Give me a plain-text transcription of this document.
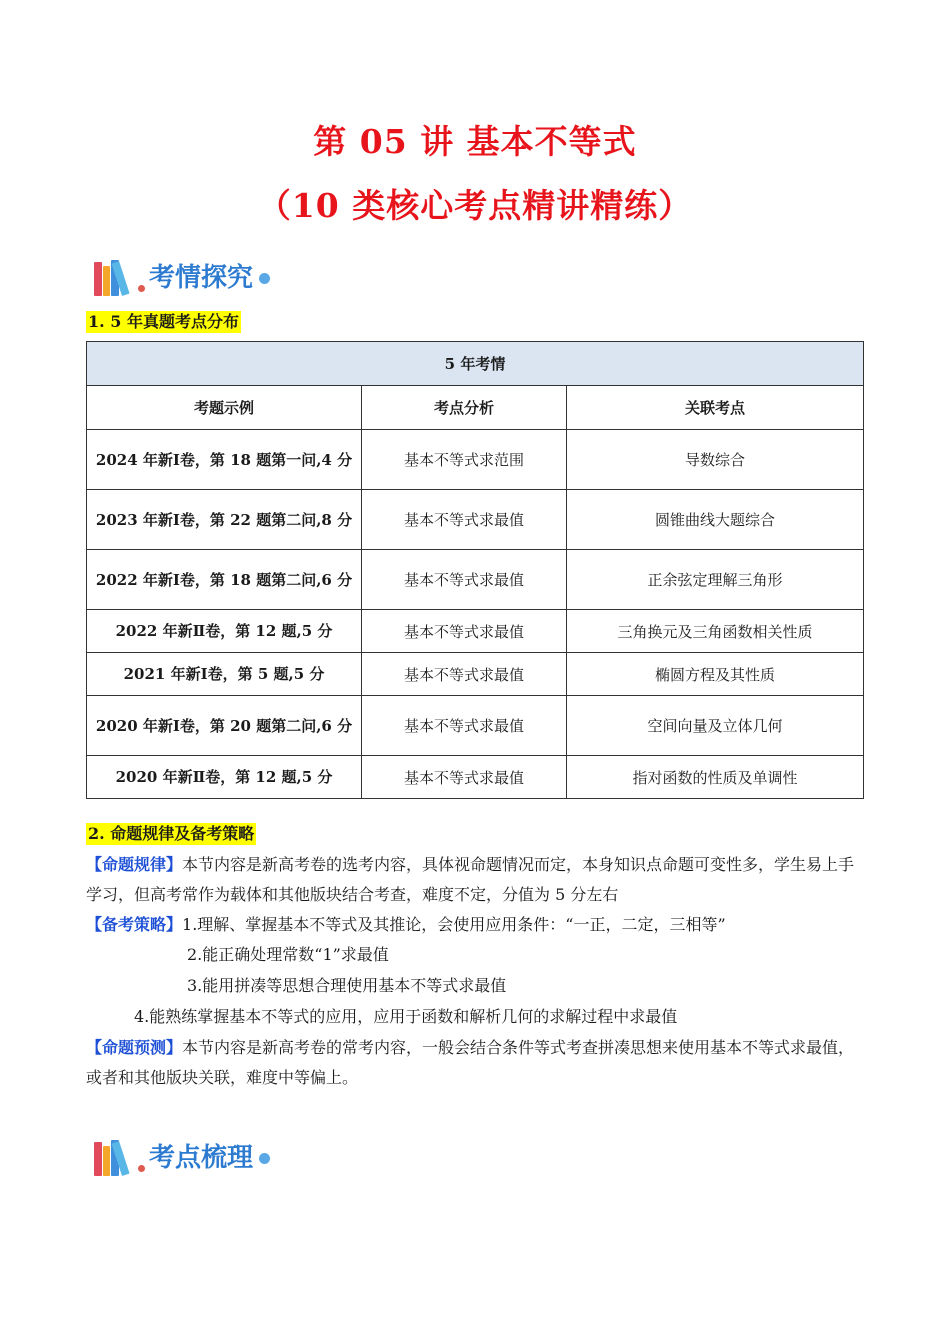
第 05 讲 基本不等式
（10 类核心考点精讲精练）
考情探究
1. 5 年真题考点分布
5 年考情		
考题示例	考点分析	关联考点
2024 年新Ⅰ卷，第 18 题第一问,4 分	基本不等式求范围	导数综合
2023 年新Ⅰ卷，第 22 题第二问,8 分	基本不等式求最值	圆锥曲线大题综合
2022 年新Ⅰ卷，第 18 题第二问,6 分	基本不等式求最值	正余弦定理解三角形
2022 年新Ⅱ卷，第 12 题,5 分	基本不等式求最值	三角换元及三角函数相关性质
2021 年新Ⅰ卷，第 5 题,5 分	基本不等式求最值	椭圆方程及其性质
2020 年新Ⅰ卷，第 20 题第二问,6 分	基本不等式求最值	空间向量及立体几何
2020 年新Ⅱ卷，第 12 题,5 分	基本不等式求最值	指对函数的性质及单调性
2. 命题规律及备考策略
【命题规律】本节内容是新高考卷的选考内容，具体视命题情况而定，本身知识点命题可变性多，学生易上手学习，但高考常作为载体和其他版块结合考查，难度不定，分值为 5 分左右
【备考策略】1.理解、掌握基本不等式及其推论，会使用应用条件：“一正，二定，三相等”
2.能正确处理常数“1”求最值
3.能用拼凑等思想合理使用基本不等式求最值
4.能熟练掌握基本不等式的应用，应用于函数和解析几何的求解过程中求最值
【命题预测】本节内容是新高考卷的常考内容，一般会结合条件等式考查拼凑思想来使用基本不等式求最值，或者和其他版块关联，难度中等偏上。
考点梳理
